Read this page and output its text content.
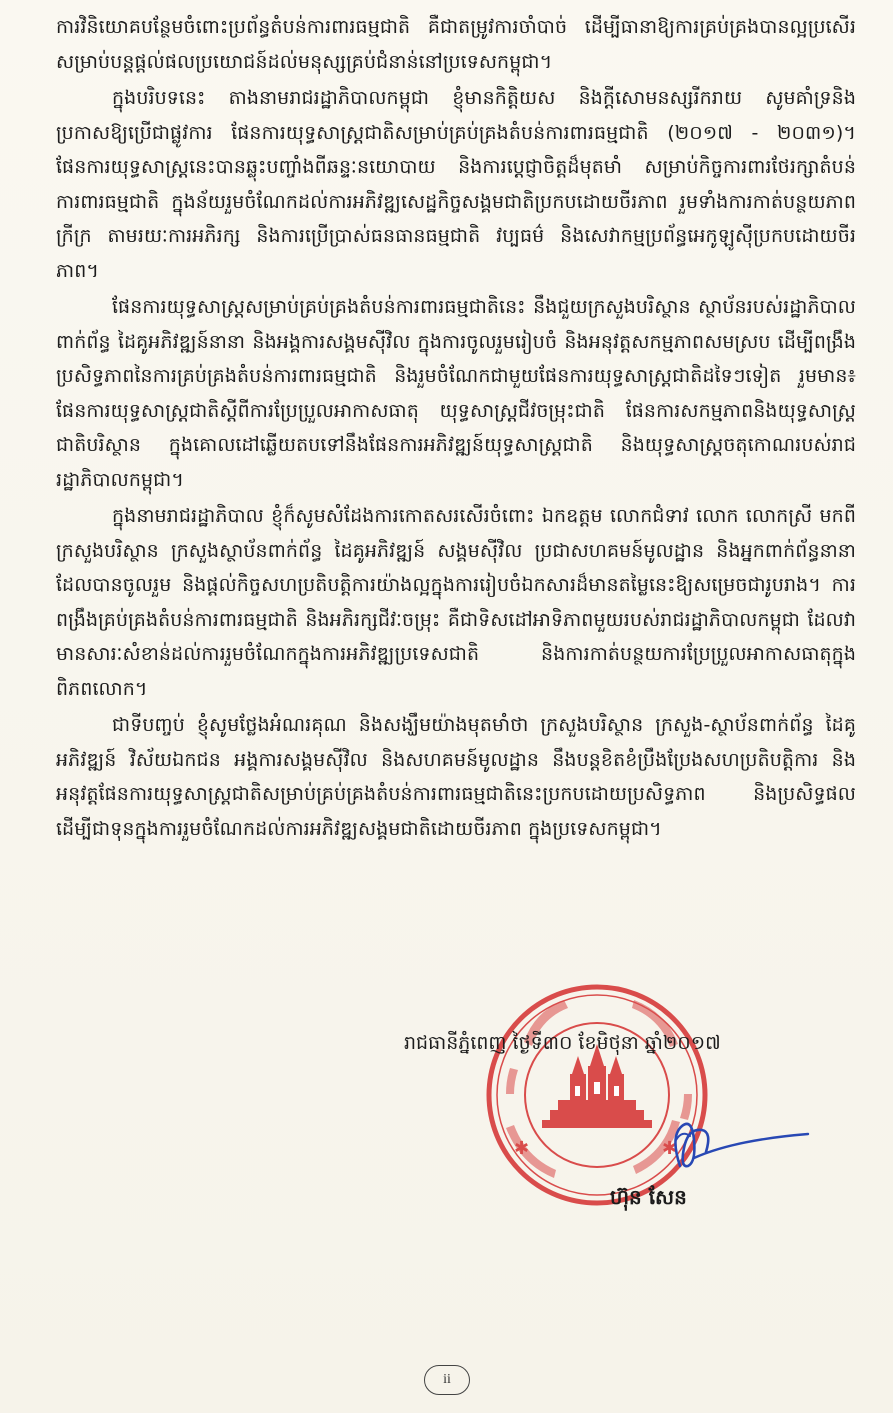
ការវិនិយោគបន្ថែមចំពោះប្រព័ន្ធតំបន់ការពារធម្មជាតិ គឺជាតម្រូវការចាំបាច់ ដើម្បីធានាឱ្យការគ្រប់គ្រងបានល្អប្រសើរ សម្រាប់បន្តផ្តល់ផលប្រយោជន៍ដល់មនុស្សគ្រប់ជំនាន់នៅប្រទេសកម្ពុជា។

ក្នុងបរិបទនេះ តាងនាមរាជរដ្ឋាភិបាលកម្ពុជា ខ្ញុំមានកិត្តិយស និងក្តីសោមនស្សរីករាយ សូមគាំទ្រនិងប្រកាសឱ្យប្រើជាផ្លូវការ ផែនការយុទ្ធសាស្ត្រជាតិសម្រាប់គ្រប់គ្រងតំបន់ការពារធម្មជាតិ (២០១៧ - ២០៣១)។ ផែនការយុទ្ធសាស្ត្រនេះបានឆ្លុះបញ្ចាំងពីឆន្ទៈនយោបាយ និងការប្តេជ្ញាចិត្តដ៏មុតមាំ សម្រាប់កិច្ចការពារថែរក្សាតំបន់ការពារធម្មជាតិ ក្នុងន័យរួមចំណែកដល់ការអភិវឌ្ឍសេដ្ឋកិច្ចសង្គមជាតិប្រកបដោយចីរភាព រួមទាំងការកាត់បន្ថយភាពក្រីក្រ តាមរយៈការអភិរក្ស និងការប្រើប្រាស់ធនធានធម្មជាតិ វប្បធម៌ និងសេវាកម្មប្រព័ន្ធអេកូឡូស៊ីប្រកបដោយចីរភាព។

ផែនការយុទ្ធសាស្ត្រសម្រាប់គ្រប់គ្រងតំបន់ការពារធម្មជាតិនេះ នឹងជួយក្រសួងបរិស្ថាន ស្ថាប័នរបស់រដ្ឋាភិបាលពាក់ព័ន្ធ ដៃគូអភិវឌ្ឍន៍នានា និងអង្គការសង្គមស៊ីវិល ក្នុងការចូលរួមរៀបចំ និងអនុវត្តសកម្មភាពសមស្រប ដើម្បីពង្រឹងប្រសិទ្ធភាពនៃការគ្រប់គ្រងតំបន់ការពារធម្មជាតិ និងរួមចំណែកជាមួយផែនការយុទ្ធសាស្ត្រជាតិដទៃៗទៀត រួមមាន៖ ផែនការយុទ្ធសាស្ត្រជាតិស្តីពីការប្រែប្រួលអាកាសធាតុ យុទ្ធសាស្ត្រជីវចម្រុះជាតិ ផែនការសកម្មភាពនិងយុទ្ធសាស្ត្រជាតិបរិស្ថាន ក្នុងគោលដៅឆ្លើយតបទៅនឹងផែនការអភិវឌ្ឍន៍យុទ្ធសាស្ត្រជាតិ និងយុទ្ធសាស្ត្រចតុកោណរបស់រាជរដ្ឋាភិបាលកម្ពុជា។

ក្នុងនាមរាជរដ្ឋាភិបាល ខ្ញុំក៏សូមសំដែងការកោតសរសើរចំពោះ ឯកឧត្តម លោកជំទាវ លោក លោកស្រី មកពីក្រសួងបរិស្ថាន ក្រសួងស្ថាប័នពាក់ព័ន្ធ ដៃគូអភិវឌ្ឍន៍ សង្គមស៊ីវិល ប្រជាសហគមន៍មូលដ្ឋាន និងអ្នកពាក់ព័ន្ធនានា ដែលបានចូលរួម និងផ្តល់កិច្ចសហប្រតិបត្តិការយ៉ាងល្អក្នុងការរៀបចំឯកសារដ៏មានតម្លៃនេះឱ្យសម្រេចជារូបរាង។ ការពង្រឹងគ្រប់គ្រងតំបន់ការពារធម្មជាតិ និងអភិរក្សជីវៈចម្រុះ គឺជាទិសដៅអាទិភាពមួយរបស់រាជរដ្ឋាភិបាលកម្ពុជា ដែលវាមានសារៈសំខាន់ដល់ការរួមចំណែកក្នុងការអភិវឌ្ឍប្រទេសជាតិ និងការកាត់បន្ថយការប្រែប្រួលអាកាសធាតុក្នុងពិភពលោក។

ជាទីបញ្ចប់ ខ្ញុំសូមថ្លែងអំណរគុណ និងសង្ឃឹមយ៉ាងមុតមាំថា ក្រសួងបរិស្ថាន ក្រសួង-ស្ថាប័នពាក់ព័ន្ធ ដៃគូអភិវឌ្ឍន៍ វិស័យឯកជន អង្គការសង្គមស៊ីវិល និងសហគមន៍មូលដ្ឋាន នឹងបន្តខិតខំប្រឹងប្រែងសហប្រតិបត្តិការ និងអនុវត្តផែនការយុទ្ធសាស្ត្រជាតិសម្រាប់គ្រប់គ្រងតំបន់ការពារធម្មជាតិនេះប្រកបដោយប្រសិទ្ធភាព និងប្រសិទ្ធផល ដើម្បីជាទុនក្នុងការរួមចំណែកដល់ការអភិវឌ្ឍសង្គមជាតិដោយចីរភាព ក្នុងប្រទេសកម្ពុជា។

✱	✱
រាជធានីភ្នំពេញ ថ្ងៃទី៣០ ខែមិថុនា ឆ្នាំ២០១៧
ហ៊ុន សែន
ii
